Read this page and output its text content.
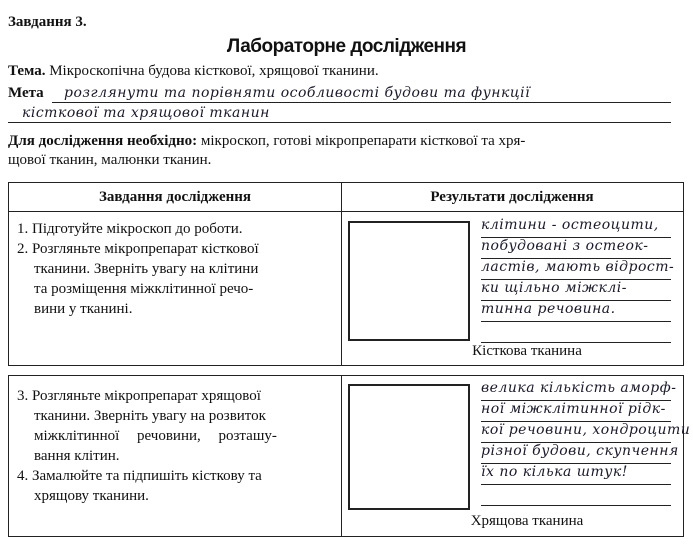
Завдання 3.
Лабораторне дослідження
Тема. Мікроскопічна будова кісткової, хрящової тканини.
Мета	розглянути та порівняти особливості будови та функції
кісткової та хрящової тканин
Для дослідження необхідно: мікроскоп, готові мікропрепарати кісткової та хря-
щової тканин, малюнки тканин.
Завдання дослідження	Результати дослідження
1. Підготуйте мікроскоп до роботи.
2. Розгляньте мікропрепарат кісткової
тканини. Зверніть увагу на клітини
та розміщення міжклітинної речо-
вини у тканині.
клітини - остеоцити,
побудовані з остеок-
ластів, мають відрост-
ки щільно міжклі-
тинна речовина.
Кісткова тканина
3. Розгляньте мікропрепарат хрящової
тканини. Зверніть увагу на розвиток
міжклітинної речовини, розташу-
вання клітин.
4. Замалюйте та підпишіть кісткову та
хрящову тканини.
велика кількість аморф-
ної міжклітинної рідк-
кої речовини, хондроцити
різної будови, скупчення
їх по кілька штук!
Хрящова тканина
